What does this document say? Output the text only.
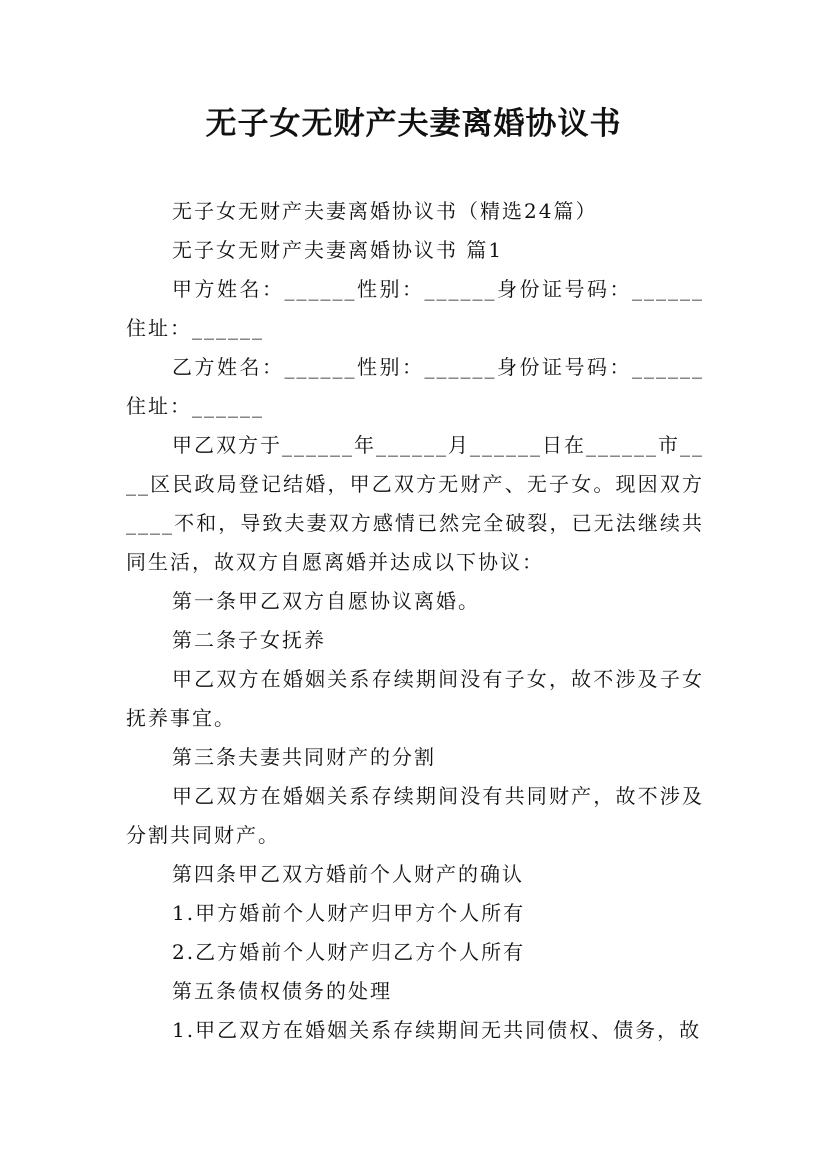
无子女无财产夫妻离婚协议书

无子女无财产夫妻离婚协议书（精选24篇）

无子女无财产夫妻离婚协议书 篇1

甲方姓名：______性别：______身份证号码：______住址：______

乙方姓名：______性别：______身份证号码：______住址：______

甲乙双方于______年______月______日在______市____区民政局登记结婚，甲乙双方无财产、无子女。现因双方____不和，导致夫妻双方感情已然完全破裂，已无法继续共同生活，故双方自愿离婚并达成以下协议：

第一条甲乙双方自愿协议离婚。

第二条子女抚养

甲乙双方在婚姻关系存续期间没有子女，故不涉及子女抚养事宜。

第三条夫妻共同财产的分割

甲乙双方在婚姻关系存续期间没有共同财产，故不涉及分割共同财产。

第四条甲乙双方婚前个人财产的确认

1.甲方婚前个人财产归甲方个人所有

2.乙方婚前个人财产归乙方个人所有

第五条债权债务的处理

1.甲乙双方在婚姻关系存续期间无共同债权、债务，故
